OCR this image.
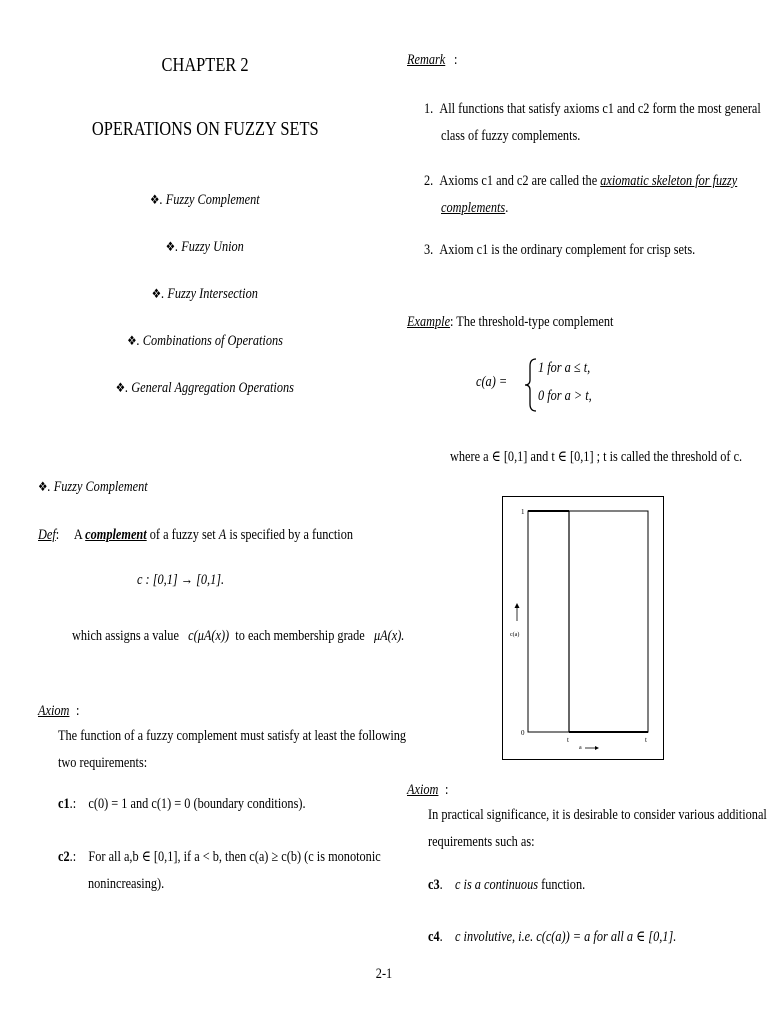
CHAPTER 2
OPERATIONS ON FUZZY SETS
❖. Fuzzy Complement
❖. Fuzzy Union
❖. Fuzzy Intersection
❖. Combinations of Operations
❖. General Aggregation Operations
❖. Fuzzy Complement
Def:     A complement of a fuzzy set A is specified by a function
c : [0,1] → [0,1].
which assigns a value c(μA(x)) to each membership grade μA(x).
Axiom :
The function of a fuzzy complement must satisfy at least the following
two requirements:
c1.:    c(0) = 1 and c(1) = 0 (boundary conditions).
c2.:    For all a,b ∈ [0,1], if a < b, then c(a) ≥ c(b) (c is monotonic
nonincreasing).
Remark :
1. All functions that satisfy axioms c1 and c2 form the most general
class of fuzzy complements.
2. Axioms c1 and c2 are called the axiomatic skeleton for fuzzy
complements.
3. Axiom c1 is the ordinary complement for crisp sets.
Example: The threshold-type complement
c(a) =
1 for a ≤ t,
0 for a > t,
where a ∈ [0,1] and t ∈ [0,1] ; t is called the threshold of c.
1
0
c(a)
t	t
a
Axiom :
In practical significance, it is desirable to consider various additional
requirements such as:
c3.    c is a continuous function.
c4.    c involutive, i.e. c(c(a)) = a for all a ∈ [0,1].
2-1
